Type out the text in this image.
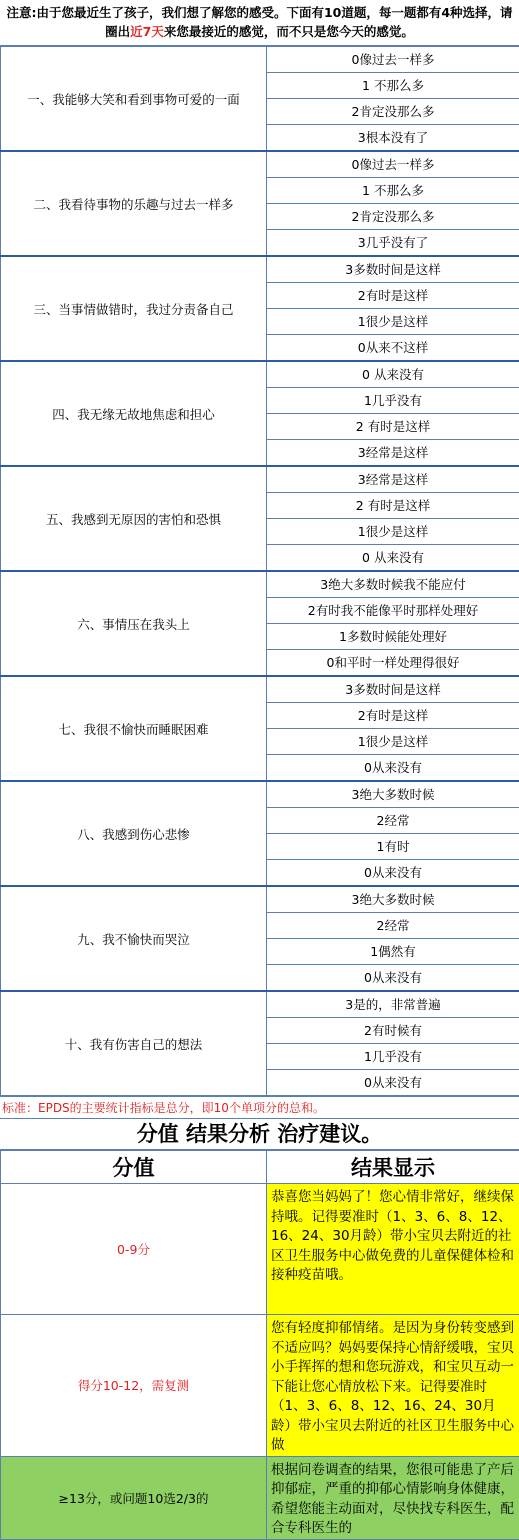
注意:由于您最近生了孩子，我们想了解您的感受。下面有10道题，每一题都有4种选择，请圈出近7天来您最接近的感觉，而不只是您今天的感觉。
一、我能够大笑和看到事物可爱的一面	0像过去一样多
	1 不那么多
	2肯定没那么多
	3根本没有了
二、我看待事物的乐趣与过去一样多	0像过去一样多
	1 不那么多
	2肯定没那么多
	3几乎没有了
三、当事情做错时，我过分责备自己	3多数时间是这样
	2有时是这样
	1很少是这样
	0从来不这样
四、我无缘无故地焦虑和担心	0 从来没有
	1几乎没有
	2 有时是这样
	3经常是这样
五、我感到无原因的害怕和恐惧	3经常是这样
	2 有时是这样
	1很少是这样
	0 从来没有
六、事情压在我头上	3绝大多数时候我不能应付
	2有时我不能像平时那样处理好
	1多数时候能处理好
	0和平时一样处理得很好
七、我很不愉快而睡眠困难	3多数时间是这样
	2有时是这样
	1很少是这样
	0从来没有
八、我感到伤心悲惨	3绝大多数时候
	2经常
	1有时
	0从来没有
九、我不愉快而哭泣	3绝大多数时候
	2经常
	1偶然有
	0从来没有
十、我有伤害自己的想法	3是的，非常普遍
	2有时候有
	1几乎没有
	0从来没有
标准：EPDS的主要统计指标是总分，即10个单项分的总和。
分值 结果分析 治疗建议。
分值	结果显示
0-9分	恭喜您当妈妈了！您心情非常好，继续保持哦。记得要准时（1、3、6、8、12、16、24、30月龄）带小宝贝去附近的社区卫生服务中心做免费的儿童保健体检和接种疫苗哦。
得分10-12，需复测	您有轻度抑郁情绪。是因为身份转变感到不适应吗？妈妈要保持心情舒缓哦，宝贝小手挥挥的想和您玩游戏，和宝贝互动一下能让您心情放松下来。记得要准时（1、3、6、8、12、16、24、30月龄）带小宝贝去附近的社区卫生服务中心做
≥13分，或问题10选2/3的	根据问卷调查的结果，您很可能患了产后抑郁症，严重的抑郁心情影响身体健康，希望您能主动面对，尽快找专科医生，配合专科医生的
